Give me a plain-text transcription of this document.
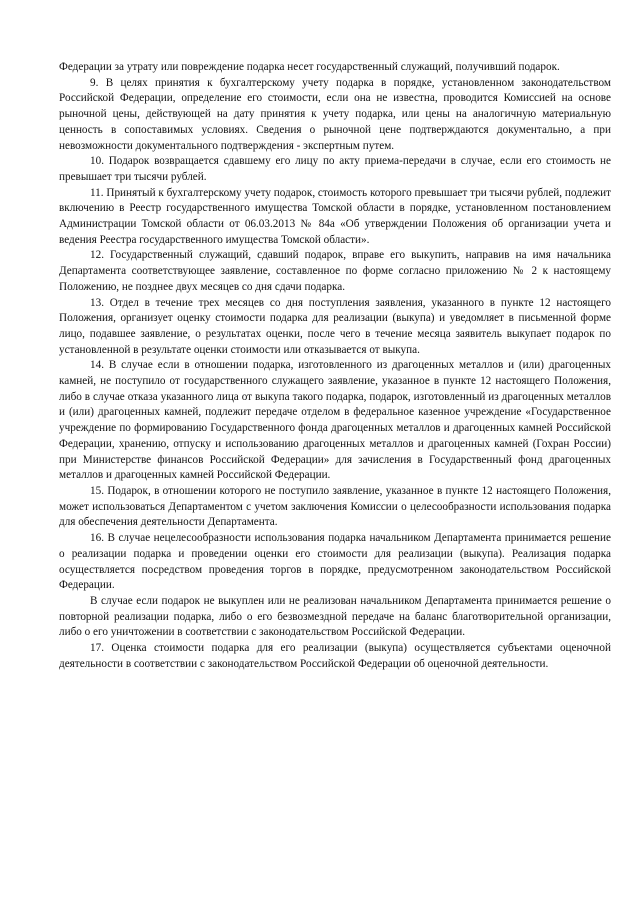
Федерации за утрату или повреждение подарка несет государственный служащий, получивший подарок.

9. В целях принятия к бухгалтерскому учету подарка в порядке, установленном законодательством Российской Федерации, определение его стоимости, если она не известна, проводится Комиссией на основе рыночной цены, действующей на дату принятия к учету подарка, или цены на аналогичную материальную ценность в сопоставимых условиях. Сведения о рыночной цене подтверждаются документально, а при невозможности документального подтверждения - экспертным путем.

10. Подарок возвращается сдавшему его лицу по акту приема-передачи в случае, если его стоимость не превышает три тысячи рублей.

11. Принятый к бухгалтерскому учету подарок, стоимость которого превышает три тысячи рублей, подлежит включению в Реестр государственного имущества Томской области в порядке, установленном постановлением Администрации Томской области от 06.03.2013 № 84а «Об утверждении Положения об организации учета и ведения Реестра государственного имущества Томской области».

12. Государственный служащий, сдавший подарок, вправе его выкупить, направив на имя начальника Департамента соответствующее заявление, составленное по форме согласно приложению № 2 к настоящему Положению, не позднее двух месяцев со дня сдачи подарка.

13. Отдел в течение трех месяцев со дня поступления заявления, указанного в пункте 12 настоящего Положения, организует оценку стоимости подарка для реализации (выкупа) и уведомляет в письменной форме лицо, подавшее заявление, о результатах оценки, после чего в течение месяца заявитель выкупает подарок по установленной в результате оценки стоимости или отказывается от выкупа.

14. В случае если в отношении подарка, изготовленного из драгоценных металлов и (или) драгоценных камней, не поступило от государственного служащего заявление, указанное в пункте 12 настоящего Положения, либо в случае отказа указанного лица от выкупа такого подарка, подарок, изготовленный из драгоценных металлов и (или) драгоценных камней, подлежит передаче отделом в федеральное казенное учреждение «Государственное учреждение по формированию Государственного фонда драгоценных металлов и драгоценных камней Российской Федерации, хранению, отпуску и использованию драгоценных металлов и драгоценных камней (Гохран России) при Министерстве финансов Российской Федерации» для зачисления в Государственный фонд драгоценных металлов и драгоценных камней Российской Федерации.

15. Подарок, в отношении которого не поступило заявление, указанное в пункте 12 настоящего Положения, может использоваться Департаментом с учетом заключения Комиссии о целесообразности использования подарка для обеспечения деятельности Департамента.

16. В случае нецелесообразности использования подарка начальником Департамента принимается решение о реализации подарка и проведении оценки его стоимости для реализации (выкупа). Реализация подарка осуществляется посредством проведения торгов в порядке, предусмотренном законодательством Российской Федерации.

В случае если подарок не выкуплен или не реализован начальником Департамента принимается решение о повторной реализации подарка, либо о его безвозмездной передаче на баланс благотворительной организации, либо о его уничтожении в соответствии с законодательством Российской Федерации.

17. Оценка стоимости подарка для его реализации (выкупа) осуществляется субъектами оценочной деятельности в соответствии с законодательством Российской Федерации об оценочной деятельности.
